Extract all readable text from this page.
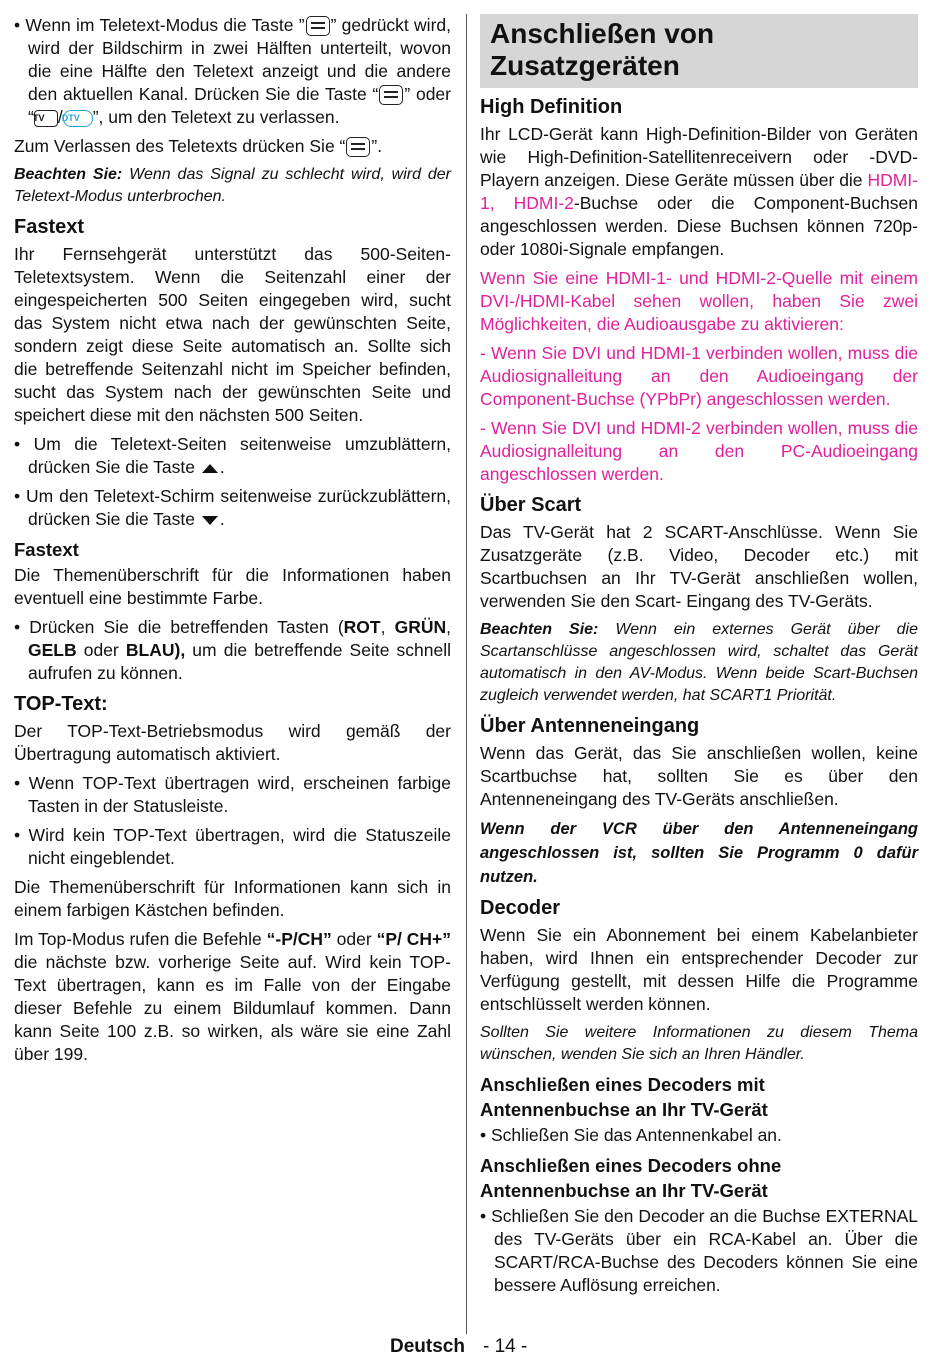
• Wenn im Teletext-Modus die Taste ” ” gedrückt wird, wird der Bildschirm in zwei Hälften unterteilt, wovon die eine Hälfte den Teletext anzeigt und die andere den aktuellen Kanal. Drücken Sie die Taste “ ” oder “TV /DTV ”, um den Teletext zu verlassen.

Zum Verlassen des Teletexts drücken Sie “ ”.

Beachten Sie: Wenn das Signal zu schlecht wird, wird der Teletext-Modus unterbrochen.

Fastext

Ihr Fernsehgerät unterstützt das 500-Seiten-Teletextsystem. Wenn die Seitenzahl einer der eingespeicherten 500 Seiten eingegeben wird, sucht das System nicht etwa nach der gewünschten Seite, sondern zeigt diese Seite automatisch an. Sollte sich die betreffende Seitenzahl nicht im Speicher befinden, sucht das System nach der gewünschten Seite und speichert diese mit den nächsten 500 Seiten.

• Um die Teletext-Seiten seitenweise umzublättern, drücken Sie die Taste .

• Um den Teletext-Schirm seitenweise zurückzublättern, drücken Sie die Taste .

Fastext

Die Themenüberschrift für die Informationen haben eventuell eine bestimmte Farbe.

• Drücken Sie die betreffenden Tasten (ROT, GRÜN, GELB oder BLAU), um die betreffende Seite schnell aufrufen zu können.

TOP-Text:

Der TOP-Text-Betriebsmodus wird gemäß der Übertragung automatisch aktiviert.

• Wenn TOP-Text übertragen wird, erscheinen farbige Tasten in der Statusleiste.

• Wird kein TOP-Text übertragen, wird die Statuszeile nicht eingeblendet.

Die Themenüberschrift für Informationen kann sich in einem farbigen Kästchen befinden.

Im Top-Modus rufen die Befehle “-P/CH” oder “P/ CH+” die nächste bzw. vorherige Seite auf. Wird kein TOP-Text übertragen, kann es im Falle von der Eingabe dieser Befehle zu einem Bildumlauf kommen. Dann kann Seite 100 z.B. so wirken, als wäre sie eine Zahl über 199.

Anschließen von Zusatzgeräten
High Definition

Ihr LCD-Gerät kann High-Definition-Bilder von Geräten wie High-Definition-Satellitenreceivern oder -DVD-Playern anzeigen. Diese Geräte müssen über die HDMI-1, HDMI-2-Buchse oder die Component-Buchsen angeschlossen werden. Diese Buchsen können 720p- oder 1080i-Signale empfangen.

Wenn Sie eine HDMI-1- und HDMI-2-Quelle mit einem DVI-/HDMI-Kabel sehen wollen, haben Sie zwei Möglichkeiten, die Audioausgabe zu aktivieren:

- Wenn Sie DVI und HDMI-1 verbinden wollen, muss die Audiosignalleitung an den Audioeingang der Component-Buchse (YPbPr) angeschlossen werden.

- Wenn Sie DVI und HDMI-2 verbinden wollen, muss die Audiosignalleitung an den PC-Audioeingang angeschlossen werden.

Über Scart

Das TV-Gerät hat 2 SCART-Anschlüsse. Wenn Sie Zusatzgeräte (z.B. Video, Decoder etc.) mit Scartbuchsen an Ihr TV-Gerät anschließen wollen, verwenden Sie den Scart- Eingang des TV-Geräts.

Beachten Sie: Wenn ein externes Gerät über die Scartanschlüsse angeschlossen wird, schaltet das Gerät automatisch in den AV-Modus. Wenn beide Scart-Buchsen zugleich verwendet werden, hat SCART1 Priorität.

Über Antenneneingang

Wenn das Gerät, das Sie anschließen wollen, keine Scartbuchse hat, sollten Sie es über den Antenneneingang des TV-Geräts anschließen.

Wenn der VCR über den Antenneneingang angeschlossen ist, sollten Sie Programm 0 dafür nutzen.

Decoder

Wenn Sie ein Abonnement bei einem Kabelanbieter haben, wird Ihnen ein entsprechender Decoder zur Verfügung gestellt, mit dessen Hilfe die Programme entschlüsselt werden können.

Sollten Sie weitere Informationen zu diesem Thema wünschen, wenden Sie sich an Ihren Händler.

Anschließen eines Decoders mit Antennenbuchse an Ihr TV-Gerät

• Schließen Sie das Antennenkabel an.

Anschließen eines Decoders ohne Antennenbuchse an Ihr TV-Gerät

• Schließen Sie den Decoder an die Buchse EXTERNAL des TV-Geräts über ein RCA-Kabel an. Über die SCART/RCA-Buchse des Decoders können Sie eine bessere Auflösung erreichen.

Deutsch - 14 -
